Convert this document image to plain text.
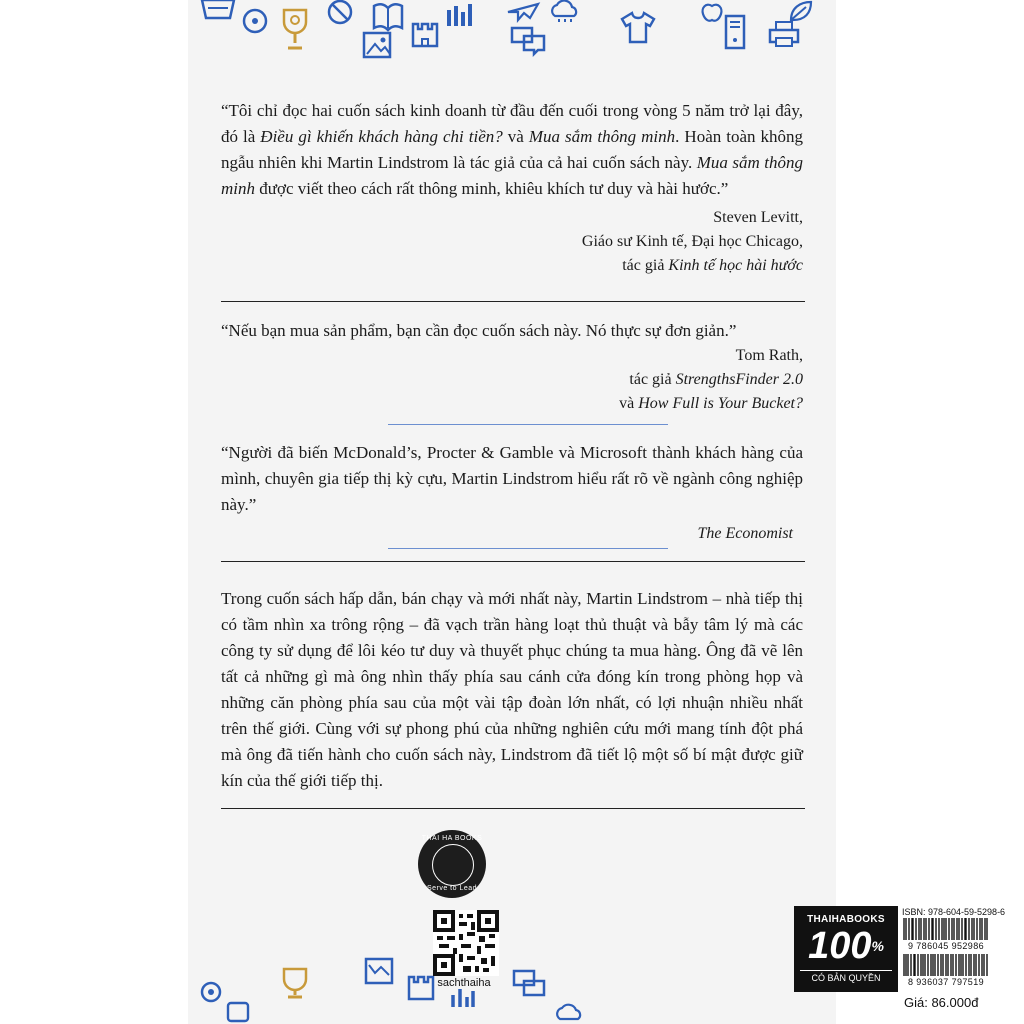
“Tôi chỉ đọc hai cuốn sách kinh doanh từ đầu đến cuối trong vòng 5 năm trở lại đây, đó là Điều gì khiến khách hàng chi tiền? và Mua sắm thông minh. Hoàn toàn không ngẫu nhiên khi Martin Lindstrom là tác giả của cả hai cuốn sách này. Mua sắm thông minh được viết theo cách rất thông minh, khiêu khích tư duy và hài hước.”
Steven Levitt,
Giáo sư Kinh tế, Đại học Chicago,
tác giả Kinh tế học hài hước
“Nếu bạn mua sản phẩm, bạn cần đọc cuốn sách này. Nó thực sự đơn giản.”
Tom Rath,
tác giả StrengthsFinder 2.0
và How Full is Your Bucket?
“Người đã biến McDonald’s, Procter & Gamble và Microsoft thành khách hàng của mình, chuyên gia tiếp thị kỳ cựu, Martin Lindstrom hiểu rất rõ về ngành công nghiệp này.”
The Economist
Trong cuốn sách hấp dẫn, bán chạy và mới nhất này, Martin Lindstrom – nhà tiếp thị có tầm nhìn xa trông rộng – đã vạch trần hàng loạt thủ thuật và bẫy tâm lý mà các công ty sử dụng để lôi kéo tư duy và thuyết phục chúng ta mua hàng. Ông đã vẽ lên tất cả những gì mà ông nhìn thấy phía sau cánh cửa đóng kín trong phòng họp và những căn phòng phía sau của một vài tập đoàn lớn nhất, có lợi nhuận nhiều nhất trên thế giới. Cùng với sự phong phú của những nghiên cứu mới mang tính đột phá mà ông đã tiến hành cho cuốn sách này, Lindstrom đã tiết lộ một số bí mật được giữ kín của thế giới tiếp thị.
THAI HA BOOKS
Serve to Lead
sachthaiha
THAIHABOOKS
100%
CÓ BẢN QUYỀN
ISBN: 978-604-59-5298-6
9 786045 952986
8 936037 797519
Giá: 86.000đ
